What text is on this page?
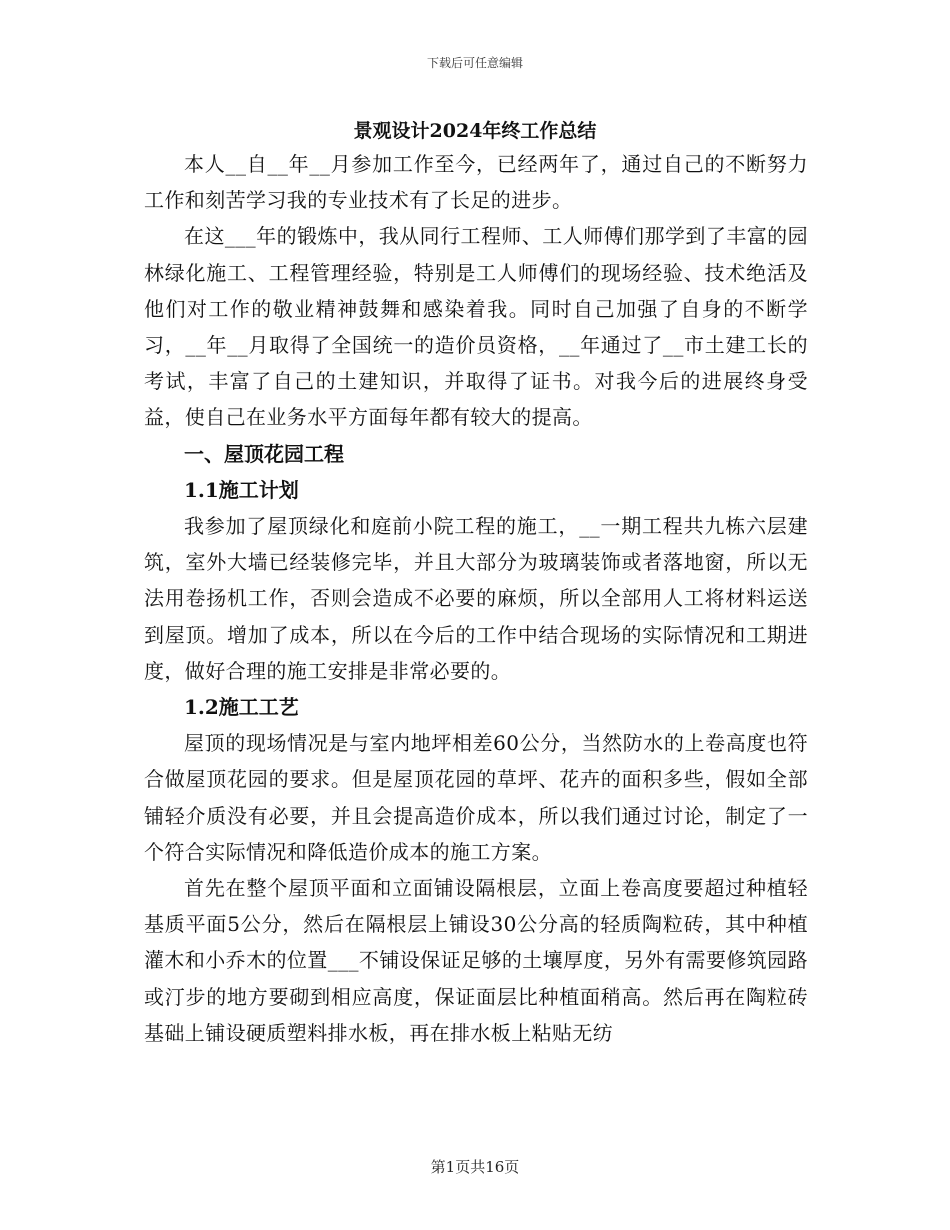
下载后可任意编辑
景观设计2024年终工作总结

本人__自__年__月参加工作至今，已经两年了，通过自己的不断努力工作和刻苦学习我的专业技术有了长足的进步。

在这___年的锻炼中，我从同行工程师、工人师傅们那学到了丰富的园林绿化施工、工程管理经验，特别是工人师傅们的现场经验、技术绝活及他们对工作的敬业精神鼓舞和感染着我。同时自己加强了自身的不断学习，__年__月取得了全国统一的造价员资格，__年通过了__市土建工长的考试，丰富了自己的土建知识，并取得了证书。对我今后的进展终身受益，使自己在业务水平方面每年都有较大的提高。

一、屋顶花园工程

1.1施工计划

我参加了屋顶绿化和庭前小院工程的施工，__一期工程共九栋六层建筑，室外大墙已经装修完毕，并且大部分为玻璃装饰或者落地窗，所以无法用卷扬机工作，否则会造成不必要的麻烦，所以全部用人工将材料运送到屋顶。增加了成本，所以在今后的工作中结合现场的实际情况和工期进度，做好合理的施工安排是非常必要的。

1.2施工工艺

屋顶的现场情况是与室内地坪相差60公分，当然防水的上卷高度也符合做屋顶花园的要求。但是屋顶花园的草坪、花卉的面积多些，假如全部铺轻介质没有必要，并且会提高造价成本，所以我们通过讨论，制定了一个符合实际情况和降低造价成本的施工方案。

首先在整个屋顶平面和立面铺设隔根层，立面上卷高度要超过种植轻基质平面5公分，然后在隔根层上铺设30公分高的轻质陶粒砖，其中种植灌木和小乔木的位置___不铺设保证足够的土壤厚度，另外有需要修筑园路或汀步的地方要砌到相应高度，保证面层比种植面稍高。然后再在陶粒砖基础上铺设硬质塑料排水板，再在排水板上粘贴无纺

第1页共16页
